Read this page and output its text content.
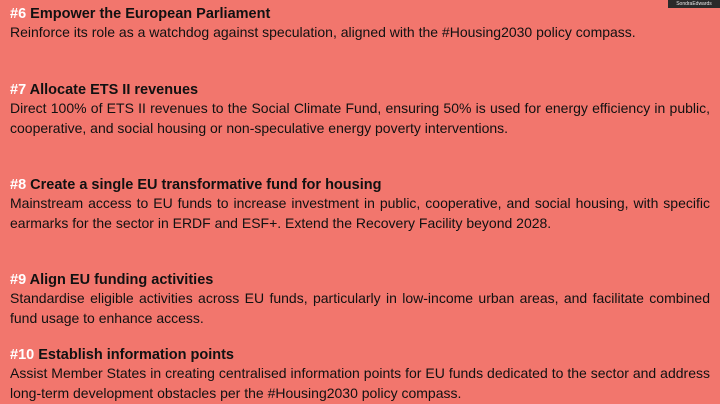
#6 Empower the European Parliament
Reinforce its role as a watchdog against speculation, aligned with the #Housing2030 policy compass.
#7 Allocate ETS II revenues
Direct 100% of ETS II revenues to the Social Climate Fund, ensuring 50% is used for energy efficiency in public, cooperative, and social housing or non-speculative energy poverty interventions.
#8 Create a single EU transformative fund for housing
Mainstream access to EU funds to increase investment in public, cooperative, and social housing, with specific earmarks for the sector in ERDF and ESF+. Extend the Recovery Facility beyond 2028.
#9 Align EU funding activities
Standardise eligible activities across EU funds, particularly in low-income urban areas, and facilitate combined fund usage to enhance access.
#10 Establish information points
Assist Member States in creating centralised information points for EU funds dedicated to the sector and address long-term development obstacles per the #Housing2030 policy compass.
SondraEdwards
